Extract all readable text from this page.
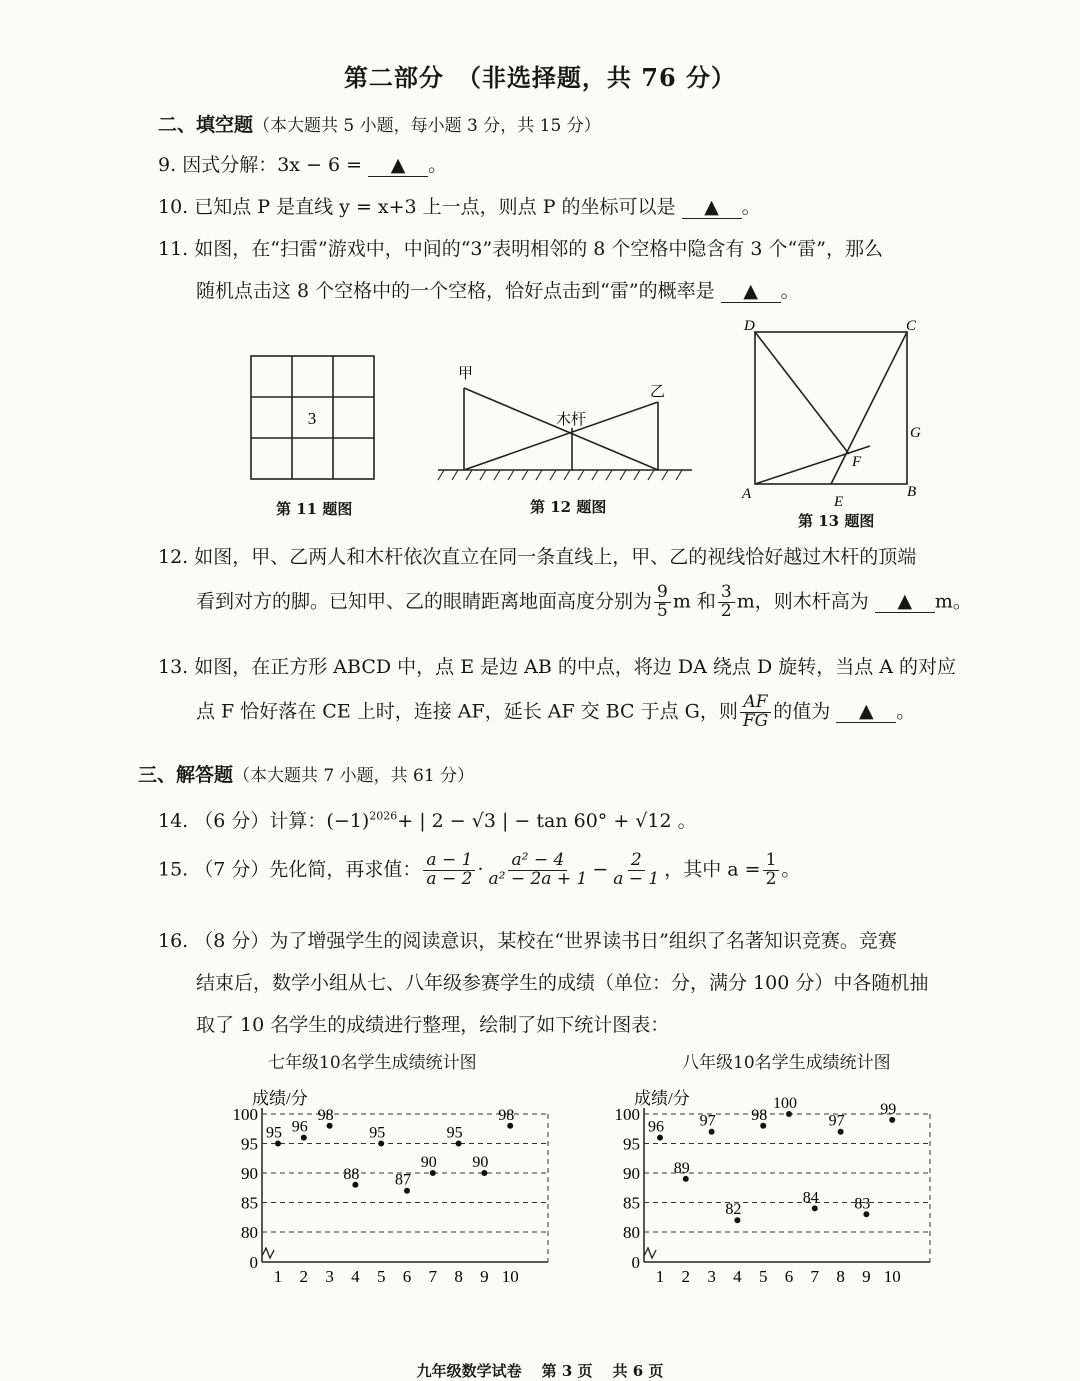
第二部分　（非选择题，共 76 分）
二、填空题（本大题共 5 小题，每小题 3 分，共 15 分）
9. 因式分解：3x − 6 = ▲ 。
10. 已知点 P 是直线 y = x+3 上一点，则点 P 的坐标可以是 ▲ 。
11. 如图，在“扫雷”游戏中，中间的“3”表明相邻的 8 个空格中隐含有 3 个“雷”，那么
随机点击这 8 个空格中的一个空格，恰好点击到“雷”的概率是 ▲ 。
3
第 11 题图
甲
乙
木杆
第 12 题图
D	C
A	B
E
F
G
第 13 题图
12. 如图，甲、乙两人和木杆依次直立在同一条直线上，甲、乙的视线恰好越过木杆的顶端
看到对方的脚。已知甲、乙的眼睛距离地面高度分别为 $\frac{9}{5}$ m 和 $\frac{3}{2}$ m，则木杆高为 ▲ m。
13. 如图，在正方形 ABCD 中，点 E 是边 AB 的中点，将边 DA 绕点 D 旋转，当点 A 的对应
点 F 恰好落在 CE 上时，连接 AF，延长 AF 交 BC 于点 G，则 $\frac{AF}{FG}$ 的值为 ▲ 。
三、解答题（本大题共 7 小题，共 61 分）
14. （6 分）计算：$(-1)^{2026}+$ | 2 − √3 | − tan 60° + √12 。
15. （7 分）先化简，再求值： $\frac{a - 1}{a - 2} \cdot \frac{\text{a² − 4}}{\text{a² − 2a + 1}} - \frac{2}{a - 1}$ ，其中 $a = \frac{1}{2}$ 。
16. （8 分）为了增强学生的阅读意识，某校在“世界读书日”组织了名著知识竞赛。竞赛
结束后，数学小组从七、八年级参赛学生的成绩（单位：分，满分 100 分）中各随机抽
取了 10 名学生的成绩进行整理，绘制了如下统计图表：
七年级10名学生成绩统计图
成绩/分
0
80
85
90
95
100
1 2 3 4 5 6 7 8 9 10
95 96
98
88
95
87
90
95
90
98
八年级10名学生成绩统计图
成绩/分
0
80
85
90
95
100
1 2 3 4 5 6 7 8 9 10
96
89
97
82
98
100
84
97
83
99
九年级数学试卷 第 3 页 共 6 页
